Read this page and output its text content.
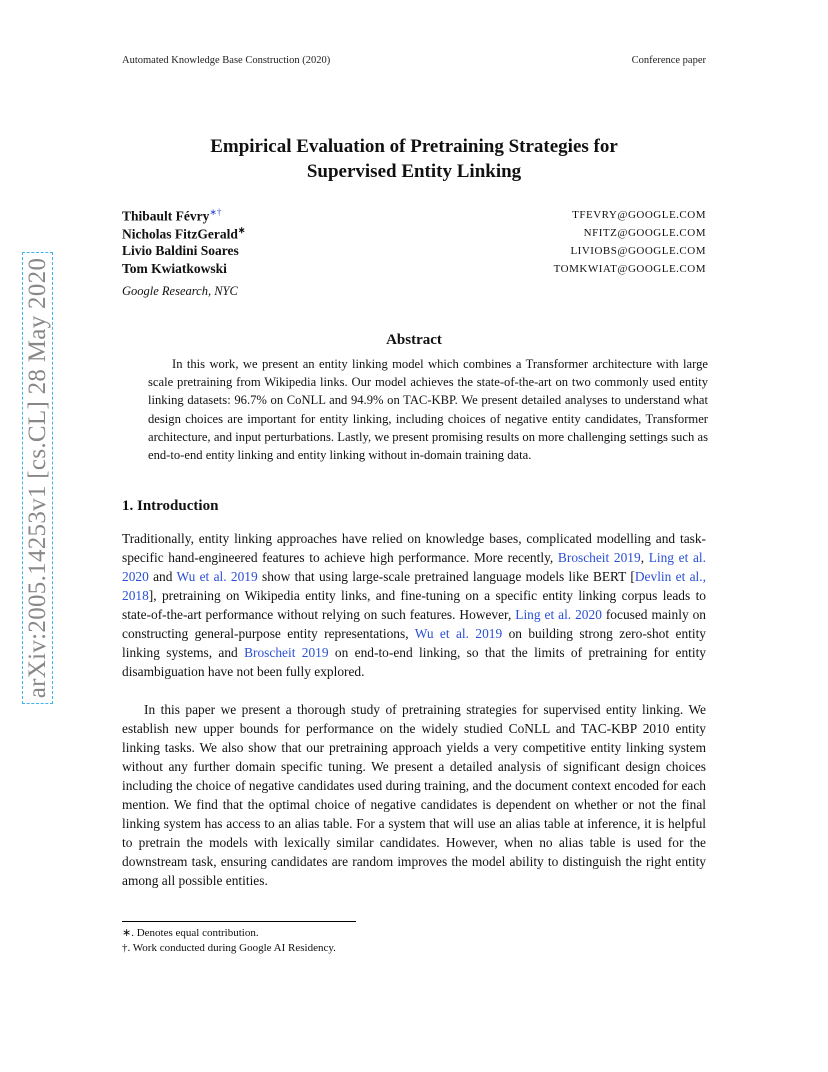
Automated Knowledge Base Construction (2020)	Conference paper
arXiv:2005.14253v1 [cs.CL] 28 May 2020
Empirical Evaluation of Pretraining Strategies for
Supervised Entity Linking
Thibault Févry∗†	TFEVRY@GOOGLE.COM
Nicholas FitzGerald∗	NFITZ@GOOGLE.COM
Livio Baldini Soares	LIVIOBS@GOOGLE.COM
Tom Kwiatkowski	TOMKWIAT@GOOGLE.COM
Google Research, NYC
Abstract
In this work, we present an entity linking model which combines a Transformer architecture with large scale pretraining from Wikipedia links. Our model achieves the state-of-the-art on two commonly used entity linking datasets: 96.7% on CoNLL and 94.9% on TAC-KBP. We present detailed analyses to understand what design choices are important for entity linking, including choices of negative entity candidates, Transformer architecture, and input perturbations. Lastly, we present promising results on more challenging settings such as end-to-end entity linking and entity linking without in-domain training data.
1. Introduction
Traditionally, entity linking approaches have relied on knowledge bases, complicated modelling and task-specific hand-engineered features to achieve high performance. More recently, Broscheit 2019, Ling et al. 2020 and Wu et al. 2019 show that using large-scale pretrained language models like BERT [Devlin et al., 2018], pretraining on Wikipedia entity links, and fine-tuning on a specific entity linking corpus leads to state-of-the-art performance without relying on such features. However, Ling et al. 2020 focused mainly on constructing general-purpose entity representations, Wu et al. 2019 on building strong zero-shot entity linking systems, and Broscheit 2019 on end-to-end linking, so that the limits of pretraining for entity disambiguation have not been fully explored.
In this paper we present a thorough study of pretraining strategies for supervised entity linking. We establish new upper bounds for performance on the widely studied CoNLL and TAC-KBP 2010 entity linking tasks. We also show that our pretraining approach yields a very competitive entity linking system without any further domain specific tuning. We present a detailed analysis of significant design choices including the choice of negative candidates used during training, and the document context encoded for each mention. We find that the optimal choice of negative candidates is dependent on whether or not the final linking system has access to an alias table. For a system that will use an alias table at inference, it is helpful to pretrain the models with lexically similar candidates. However, when no alias table is used for the downstream task, ensuring candidates are random improves the model ability to distinguish the right entity among all possible entities.
∗. Denotes equal contribution.
†. Work conducted during Google AI Residency.
